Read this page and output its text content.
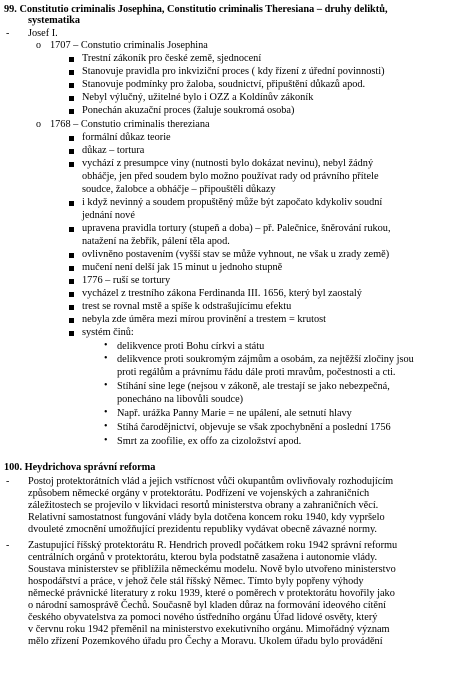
99. Constitutio criminalis Josephina, Constitutio criminalis Theresiana – druhy deliktů,
systematika
- Josef I.
o 1707 – Constutio criminalis Josephina
Trestní zákoník pro české země, sjednocení
Stanovuje pravidla pro inkviziční proces ( kdy řízení z úřední povinnosti)
Stanovuje podmínky pro žaloba, soudnictví, připuštění důkazů apod.
Nebyl výlučný, užitelné bylo i OZZ a Koldínův zákoník
Ponechán akuzační proces (žaluje soukromá osoba)
o 1768 – Constutio criminalis thereziana
formální důkaz teorie
důkaz – tortura
vychází z presumpce viny (nutnosti bylo dokázat nevinu), nebyl žádný
obháčje, jen před soudem bylo možno používat rady od právního přítele
soudce, žalobce a obháčje – připouštěli důkazy
i když nevinný a soudem propuštěný může být započato kdykoliv soudní
jednání nové
upravena pravidla tortury (stupeň a doba) – př. Palečnice, šněrování rukou,
natažení na žebřík, pálení těla apod.
ovlivněno postavením (vyšší stav se může vyhnout, ne však u zrady země)
mučení není delší jak 15 minut u jednoho stupně
1776 – ruší se tortury
vycházel z trestního zákona Ferdinanda III. 1656, který byl zaostalý
trest se rovnal mstě a spíše k odstrašujícímu efektu
nebyla zde úměra mezi mírou provinění a trestem = krutost
systém činů:
• delikvence proti Bohu církvi a státu
• delikvence proti soukromým zájmům a osobám, za nejtěžší zločiny jsou
proti regálům a právnímu řádu dále proti mravům, počestnosti a cti.
• Stíhání sine lege (nejsou v zákoně, ale trestají se jako nebezpečná,
ponecháno na libovůli soudce)
• Např. urážka Panny Marie = ne upálení, ale setnutí hlavy
• Stíhá čarodějnictví, objevuje se však zpochybnění a poslední 1756
• Smrt za zoofilie, ex offo za cizoložství apod.
100. Heydrichova správní reforma
- Postoj protektorátních vlád a jejich vstřícnost vůči okupantům ovlivňovaly rozhodujícím
způsobem německé orgány v protektorátu. Podřízení ve vojenských a zahraničních
záležitostech se projevilo v likvidaci resortů ministerstva obrany a zahraničních věcí.
Relativní samostatnost fungování vlády byla dotčena koncem roku 1940, kdy vypršelo
dvouleté zmocnění umožňující prezidentu republiky vydávat obecně závazné normy.
- Zastupující říšský protektorátu R. Hendrich provedl počátkem roku 1942 správní reformu
centrálních orgánů v protektorátu, kterou byla podstatně zasažena i autonomie vlády.
Soustava ministerstev se přiblížila německému modelu. Nově bylo utvořeno ministerstvo
hospodářství a práce, v jehož čele stál říšský Němec. Tímto byly popřeny výhody
německé právnické literatury z roku 1939, které o poměrech v protektorátu hovořily jako
o národní samosprávě Čechů. Současně byl kladen důraz na formování ideového cítění
českého obyvatelstva za pomoci nového ústředního orgánu Úřad lidové osvěty, který
v červnu roku 1942 přeměnil na ministerstvo exekutivního orgánu. Mimořádný význam
mělo zřízení Pozemkového úřadu pro Čechy a Moravu. Ukolem úřadu bylo provádění
